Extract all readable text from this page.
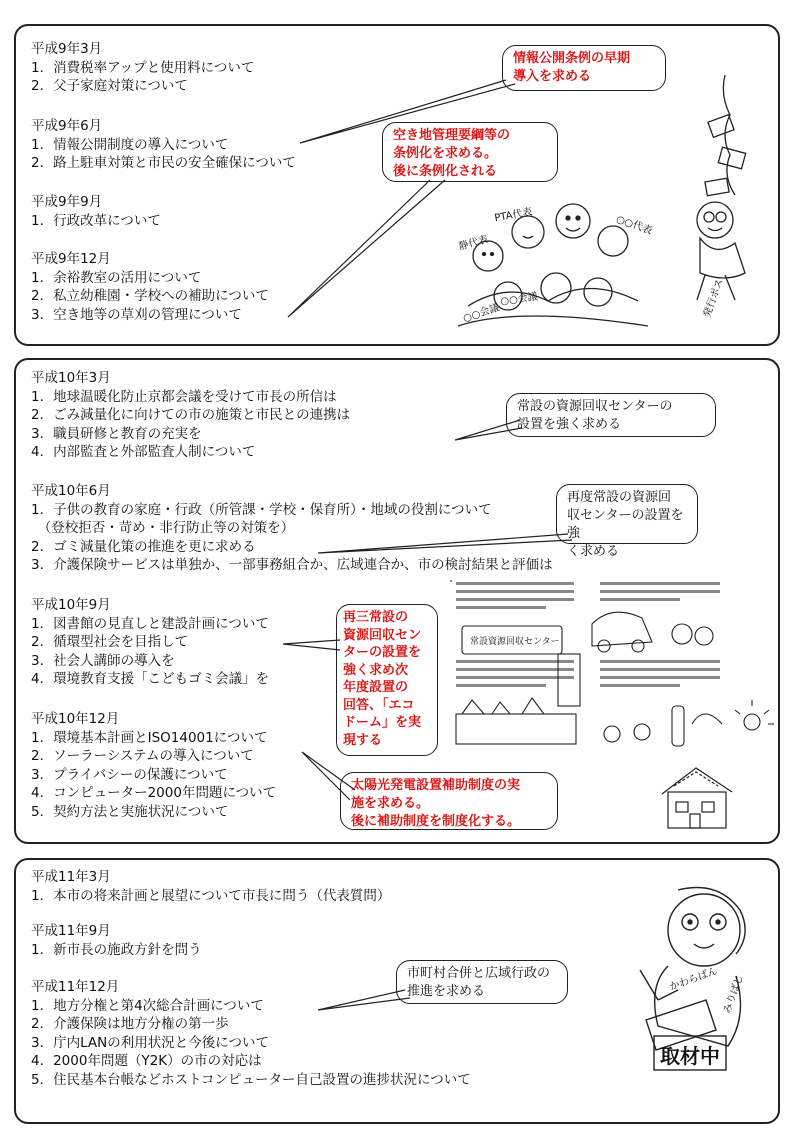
平成9年3月
1．消費税率アップと使用料について
2．父子家庭対策について
平成9年6月
1．情報公開制度の導入について
2．路上駐車対策と市民の安全確保について
平成9年9月
1．行政改革について
平成9年12月
1．余裕教室の活用について
2．私立幼稚園・学校への補助について
3．空き地等の草刈の管理について
情報公開条例の早期
導入を求める
空き地管理要綱等の
条例化を求める。
後に条例化される
静代表
PTA代表	○○代表
○○会議
○○会議	発行ポス
平成10年3月
1．地球温暖化防止京都会議を受けて市長の所信は
2．ごみ減量化に向けての市の施策と市民との連携は
3．職員研修と教育の充実を
4．内部監査と外部監査人制について
平成10年6月
1．子供の教育の家庭・行政（所管課・学校・保育所）・地域の役割について
　（登校拒否・苛め・非行防止等の対策を）
2．ゴミ減量化策の推進を更に求める
3．介護保険サービスは単独か、一部事務組合か、広域連合か、市の検討結果と評価は
平成10年9月
1．図書館の見直しと建設計画について
2．循環型社会を目指して
3．社会人講師の導入を
4．環境教育支援「こどもゴミ会議」を
平成10年12月
1．環境基本計画とISO14001について
2．ソーラーシステムの導入について
3．プライバシーの保護について
4．コンピューター2000年問題について
5．契約方法と実施状況について
常設の資源回収センターの
設置を強く求める
再度常設の資源回
収センターの設置を強
く求める
再三常設の
資源回収セン
ターの設置を
強く求め次
年度設置の
回答、「エコ
ドーム」を実
現する
太陽光発電設置補助制度の実
施を求める。
後に補助制度を制度化する。
常設資源回収センター
平成11年3月
1．本市の将来計画と展望について市長に問う（代表質問）
平成11年9月
1．新市長の施政方針を問う
平成11年12月
1．地方分権と第4次総合計画について
2．介護保険は地方分権の第一歩
3．庁内LANの利用状況と今後について
4．2000年問題（Y2K）の市の対応は
5．住民基本台帳などホストコンピューター自己設置の進捗状況について
市町村合併と広域行政の
推進を求める	かわらばん みりばじ
取材中
